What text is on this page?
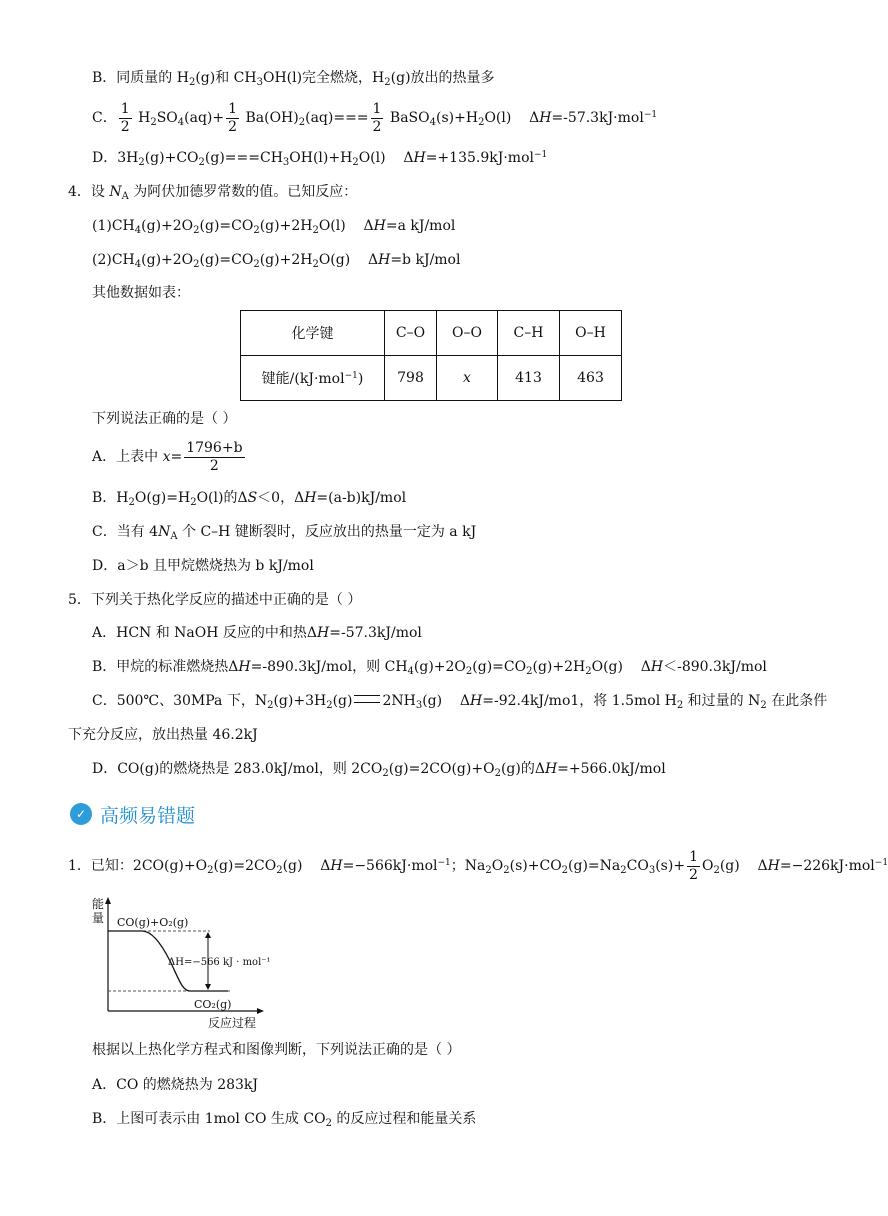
B．同质量的 $H_2(g)$和 $CH_3OH(l)$完全燃烧，$H_2(g)$放出的热量多
C． $\frac{1}{2} H_2SO_4(aq)+ \frac{1}{2} Ba(OH)_2(aq)=== \frac{1}{2}$ $BaSO_4(s)+H_2O(l)$    ΔH=-57.3kJ·mol$^{-1}$
D．$3H_2(g)+CO_2(g)===CH_3OH(l)+H_2O(l)$    ΔH=+135.9kJ·mol$^{-1}$
4．设 $N_A$ 为阿伏加德罗常数的值。已知反应：
$(1)CH_4(g)+2O_2(g)=CO_2(g)+2H_2O(l)$    ΔH=a kJ/mol
$(2)CH_4(g)+2O_2(g)=CO_2(g)+2H_2O(g)$    ΔH=b kJ/mol
其他数据如表：
化学键	C–O	O–O	C–H	O–H
键能/(kJ·mol$^{-1}$)	798	x	413	463
下列说法正确的是（ ）
A．上表中 $x= \frac{1796+b}{2}$
B．$H_2O(g)=H_2O(l)$的ΔS＜0，ΔH=(a-b)kJ/mol
C．当有 $4N_A$ 个 C–H 键断裂时，反应放出的热量一定为 a kJ
D．a＞b 且甲烷燃烧热为 b kJ/mol
5．下列关于热化学反应的描述中正确的是（ ）
A．HCN 和 NaOH 反应的中和热ΔH=-57.3kJ/mol
B．甲烷的标准燃烧热ΔH=-890.3kJ/mol，则 $CH_4(g)+2O_2(g)=CO_2(g)+2H_2O(g)$    ΔH＜-890.3kJ/mol
C．500℃、30MPa 下，$N_2(g)+3H_2(g)$ $2NH_3(g)$    ΔH=-92.4kJ/mo1，将 1.5mol $H_2$ 和过量的 $N_2$ 在此条件
下充分反应，放出热量 46.2kJ
D．CO(g)的燃烧热是 283.0kJ/mol，则 $2CO_2(g)=2CO(g)+O_2(g)$的ΔH=+566.0kJ/mol
✓ 高频易错题
1．已知：$2CO(g)+O_2(g)=2CO_2(g)$    ΔH=−566kJ·mol$^{-1}$；$Na_2O_2(s)+CO_2(g)=Na_2CO_3(s)+ \frac{1}{2} O_2(g)$    ΔH=−226kJ·mol$^{-1}$
能
量 CO(g)+O₂(g)
ΔH=−566 kJ · mol⁻¹
CO₂(g)
反应过程
根据以上热化学方程式和图像判断，下列说法正确的是（ ）
A．CO 的燃烧热为 283kJ
B．上图可表示由 1mol CO 生成 $CO_2$ 的反应过程和能量关系
